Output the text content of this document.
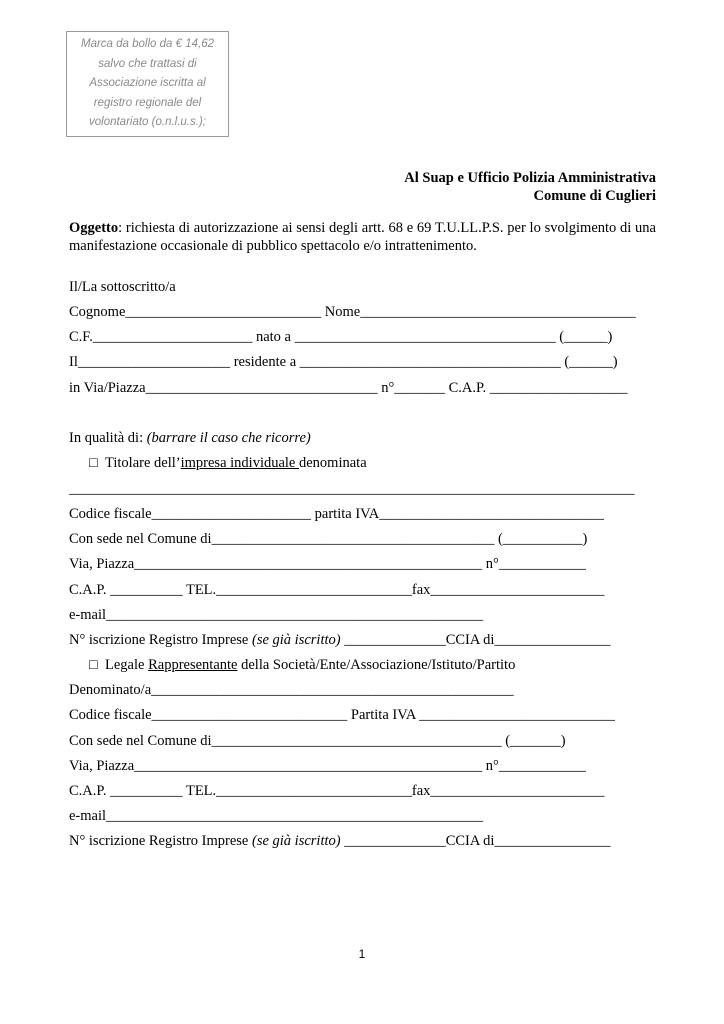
Marca da bollo da € 14,62
salvo che trattasi di
Associazione iscritta al
registro regionale del
volontariato (o.n.l.u.s.);
Al Suap e Ufficio Polizia Amministrativa
Comune di Cuglieri
Oggetto: richiesta di autorizzazione ai sensi degli artt. 68 e 69 T.U.LL.P.S. per lo svolgimento di una manifestazione occasionale di pubblico spettacolo e/o intrattenimento.
Il/La sottoscritto/a
Cognome___________________________ Nome______________________________________
C.F.______________________ nato a ____________________________________ (______)
Il_____________________ residente a ____________________________________ (______)
in Via/Piazza________________________________ n°_______ C.A.P. ___________________
In qualità di: (barrare il caso che ricorre)
□ Titolare dell’impresa individuale denominata
______________________________________________________________________________
Codice fiscale______________________ partita IVA_______________________________
Con sede nel Comune di_______________________________________ (___________)
Via, Piazza________________________________________________ n°____________
C.A.P. __________ TEL.___________________________fax________________________
e-mail____________________________________________________
N° iscrizione Registro Imprese (se già iscritto) ______________CCIA di________________
□ Legale Rappresentante della Società/Ente/Associazione/Istituto/Partito
Denominato/a__________________________________________________
Codice fiscale___________________________ Partita IVA ___________________________
Con sede nel Comune di________________________________________ (_______)
Via, Piazza________________________________________________ n°____________
C.A.P. __________ TEL.___________________________fax________________________
e-mail____________________________________________________
N° iscrizione Registro Imprese (se già iscritto) ______________CCIA di________________
1
